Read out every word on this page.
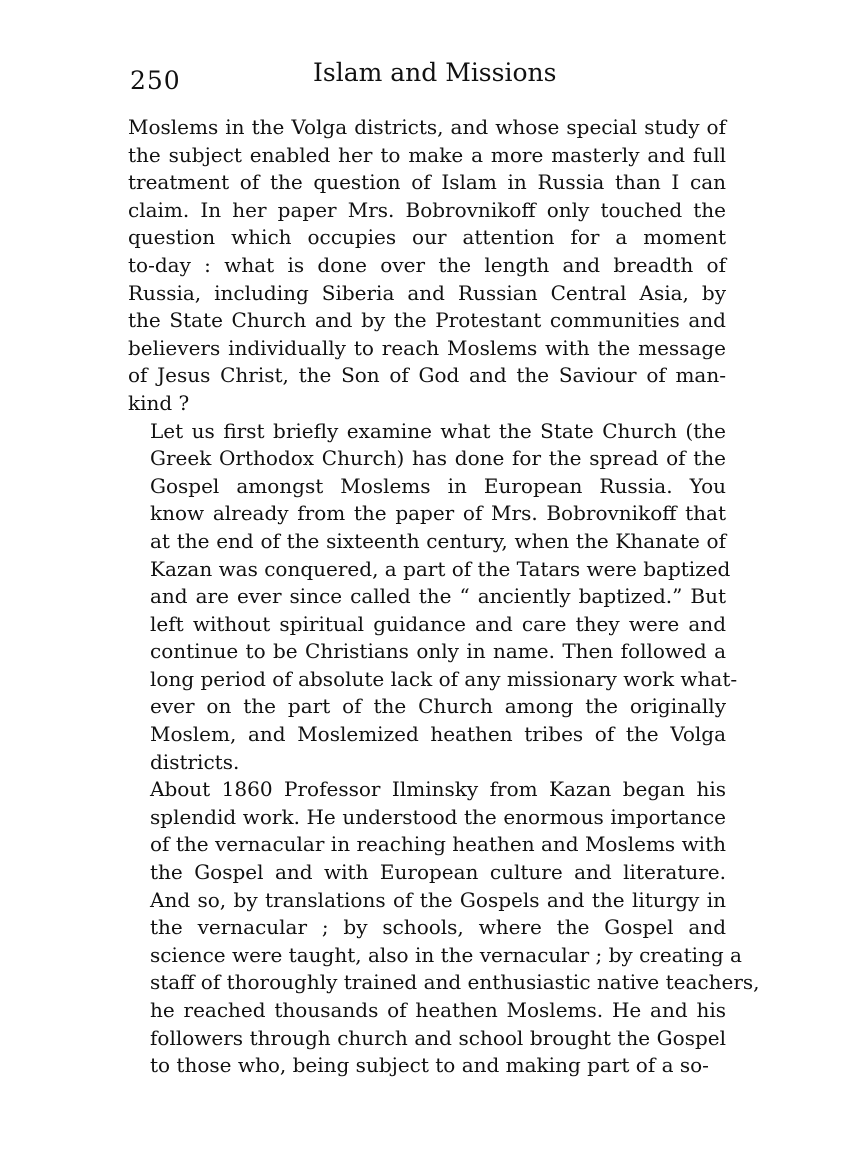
250	Islam and Missions

Moslems in the Volga districts, and whose special study of
the subject enabled her to make a more masterly and full
treatment of the question of Islam in Russia than I can
claim. In her paper Mrs. Bobrovnikoff only touched the
question which occupies our attention for a moment
to-day : what is done over the length and breadth of
Russia, including Siberia and Russian Central Asia, by
the State Church and by the Protestant communities and
believers individually to reach Moslems with the message
of Jesus Christ, the Son of God and the Saviour of man-
kind ?

Let us first briefly examine what the State Church (the
Greek Orthodox Church) has done for the spread of the
Gospel amongst Moslems in European Russia. You
know already from the paper of Mrs. Bobrovnikoff that
at the end of the sixteenth century, when the Khanate of
Kazan was conquered, a part of the Tatars were baptized
and are ever since called the “ anciently baptized.” But
left without spiritual guidance and care they were and
continue to be Christians only in name. Then followed a
long period of absolute lack of any missionary work what-
ever on the part of the Church among the originally
Moslem, and Moslemized heathen tribes of the Volga
districts.

About 1860 Professor Ilminsky from Kazan began his
splendid work. He understood the enormous importance
of the vernacular in reaching heathen and Moslems with
the Gospel and with European culture and literature.
And so, by translations of the Gospels and the liturgy in
the vernacular ; by schools, where the Gospel and
science were taught, also in the vernacular ; by creating a
staff of thoroughly trained and enthusiastic native teachers,
he reached thousands of heathen Moslems. He and his
followers through church and school brought the Gospel
to those who, being subject to and making part of a so-
